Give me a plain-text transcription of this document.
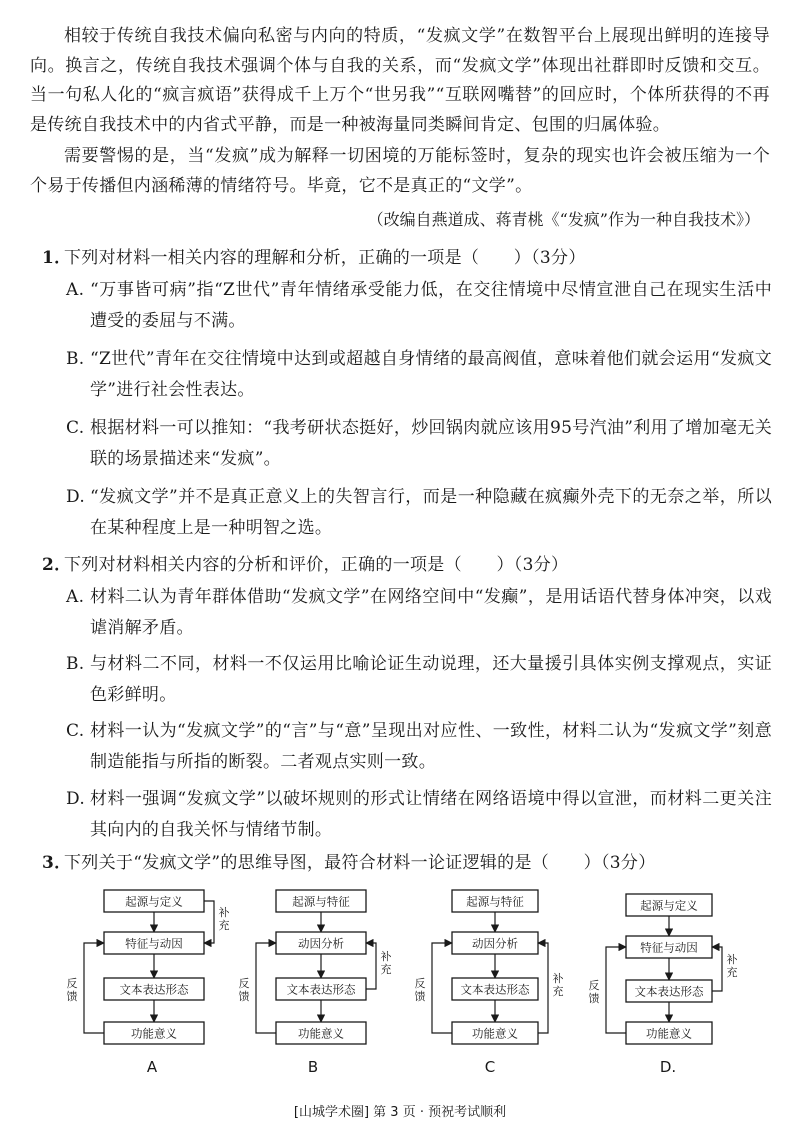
相较于传统自我技术偏向私密与内向的特质，“发疯文学”在数智平台上展现出鲜明的连接导向。换言之，传统自我技术强调个体与自我的关系，而“发疯文学”体现出社群即时反馈和交互。当一句私人化的“疯言疯语”获得成千上万个“世另我”“互联网嘴替”的回应时，个体所获得的不再是传统自我技术中的内省式平静，而是一种被海量同类瞬间肯定、包围的归属体验。
需要警惕的是，当“发疯”成为解释一切困境的万能标签时，复杂的现实也许会被压缩为一个个易于传播但内涵稀薄的情绪符号。毕竟，它不是真正的“文学”。
（改编自燕道成、蒋青桃《“发疯”作为一种自我技术》）
1．
下列对材料一相关内容的理解和分析，正确的一项是（　　）（3分）
A. “万事皆可病”指“Z世代”青年情绪承受能力低，在交往情境中尽情宣泄自己在现实生活中遭受的委屈与不满。
B. “Z世代”青年在交往情境中达到或超越自身情绪的最高阀值，意味着他们就会运用“发疯文学”进行社会性表达。
C. 根据材料一可以推知：“我考研状态挺好，炒回锅肉就应该用95号汽油”利用了增加毫无关联的场景描述来“发疯”。
D. “发疯文学”并不是真正意义上的失智言行，而是一种隐藏在疯癫外壳下的无奈之举，所以在某种程度上是一种明智之选。
2．
下列对材料相关内容的分析和评价，正确的一项是（　　）（3分）
A. 材料二认为青年群体借助“发疯文学”在网络空间中“发癫”，是用话语代替身体冲突，以戏谑消解矛盾。
B. 与材料二不同，材料一不仅运用比喻论证生动说理，还大量援引具体实例支撑观点，实证色彩鲜明。
C. 材料一认为“发疯文学”的“言”与“意”呈现出对应性、一致性，材料二认为“发疯文学”刻意制造能指与所指的断裂。二者观点实则一致。
D. 材料一强调“发疯文学”以破坏规则的形式让情绪在网络语境中得以宣泄，而材料二更关注其向内的自我关怀与情绪节制。
3．
下列关于“发疯文学”的思维导图，最符合材料一论证逻辑的是（　　）（3分）
起源与定义
特征与动因
文本表达形态
功能意义
反馈
补充
A
起源与特征
动因分析
文本表达形态
功能意义
反馈
补充
B
起源与特征
动因分析
文本表达形态
功能意义
反馈
补充
C
起源与定义
特征与动因
文本表达形态
功能意义
反馈
补充
D.
[山城学术圈] 第 3 页 · 预祝考试顺利
